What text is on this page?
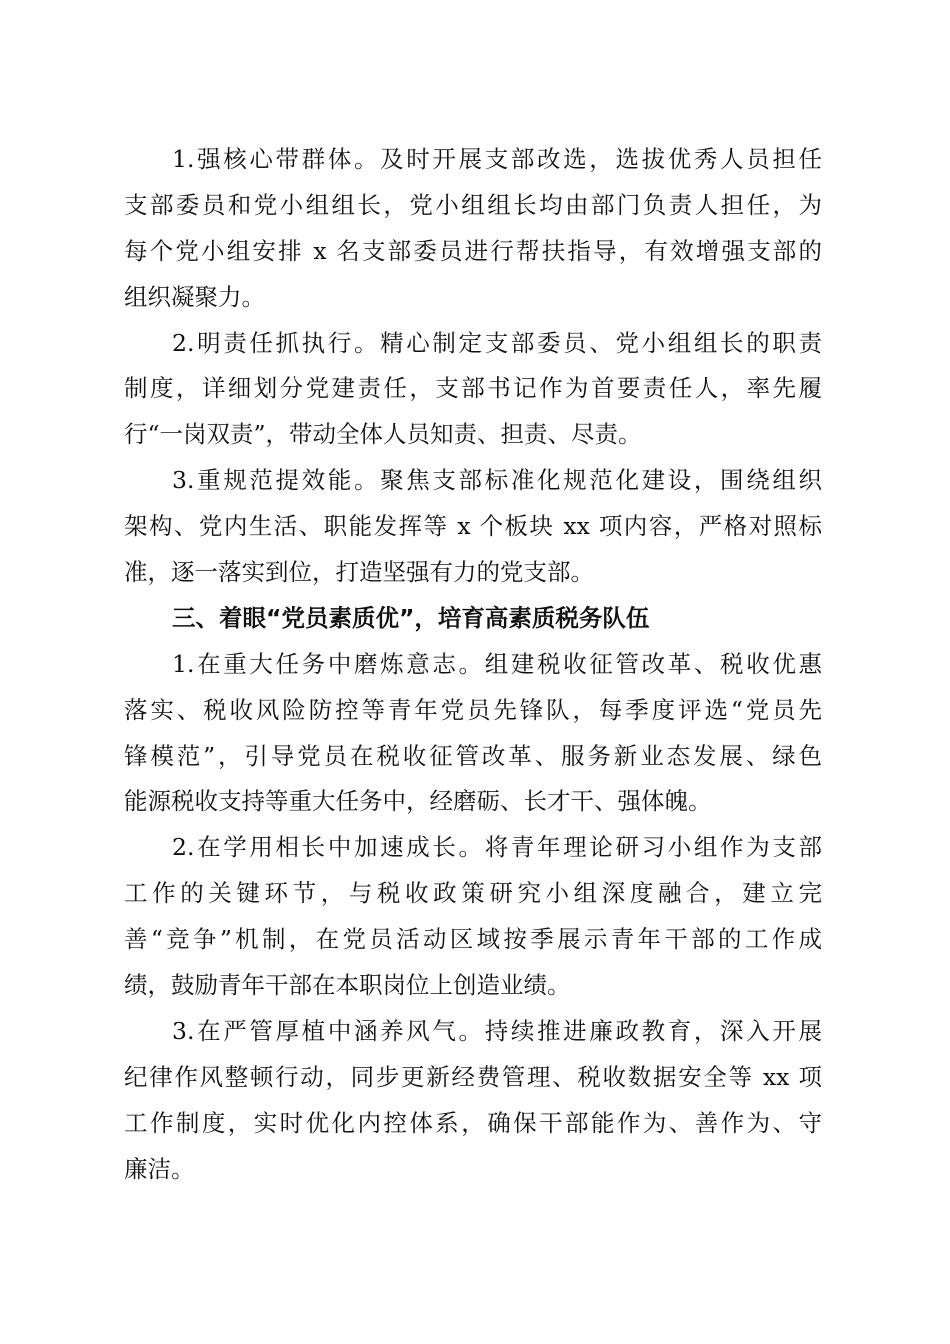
1.强核心带群体。及时开展支部改选，选拔优秀人员担任
支部委员和党小组组长，党小组组长均由部门负责人担任，为
每个党小组安排 x 名支部委员进行帮扶指导，有效增强支部的
组织凝聚力。
2.明责任抓执行。精心制定支部委员、党小组组长的职责
制度，详细划分党建责任，支部书记作为首要责任人，率先履
行“一岗双责”，带动全体人员知责、担责、尽责。
3.重规范提效能。聚焦支部标准化规范化建设，围绕组织
架构、党内生活、职能发挥等 x 个板块 xx 项内容，严格对照标
准，逐一落实到位，打造坚强有力的党支部。
三、着眼“党员素质优”，培育高素质税务队伍
1.在重大任务中磨炼意志。组建税收征管改革、税收优惠
落实、税收风险防控等青年党员先锋队，每季度评选“党员先
锋模范”，引导党员在税收征管改革、服务新业态发展、绿色
能源税收支持等重大任务中，经磨砺、长才干、强体魄。
2.在学用相长中加速成长。将青年理论研习小组作为支部
工作的关键环节，与税收政策研究小组深度融合，建立完
善“竞争”机制，在党员活动区域按季展示青年干部的工作成
绩，鼓励青年干部在本职岗位上创造业绩。
3.在严管厚植中涵养风气。持续推进廉政教育，深入开展
纪律作风整顿行动，同步更新经费管理、税收数据安全等 xx 项
工作制度，实时优化内控体系，确保干部能作为、善作为、守
廉洁。
